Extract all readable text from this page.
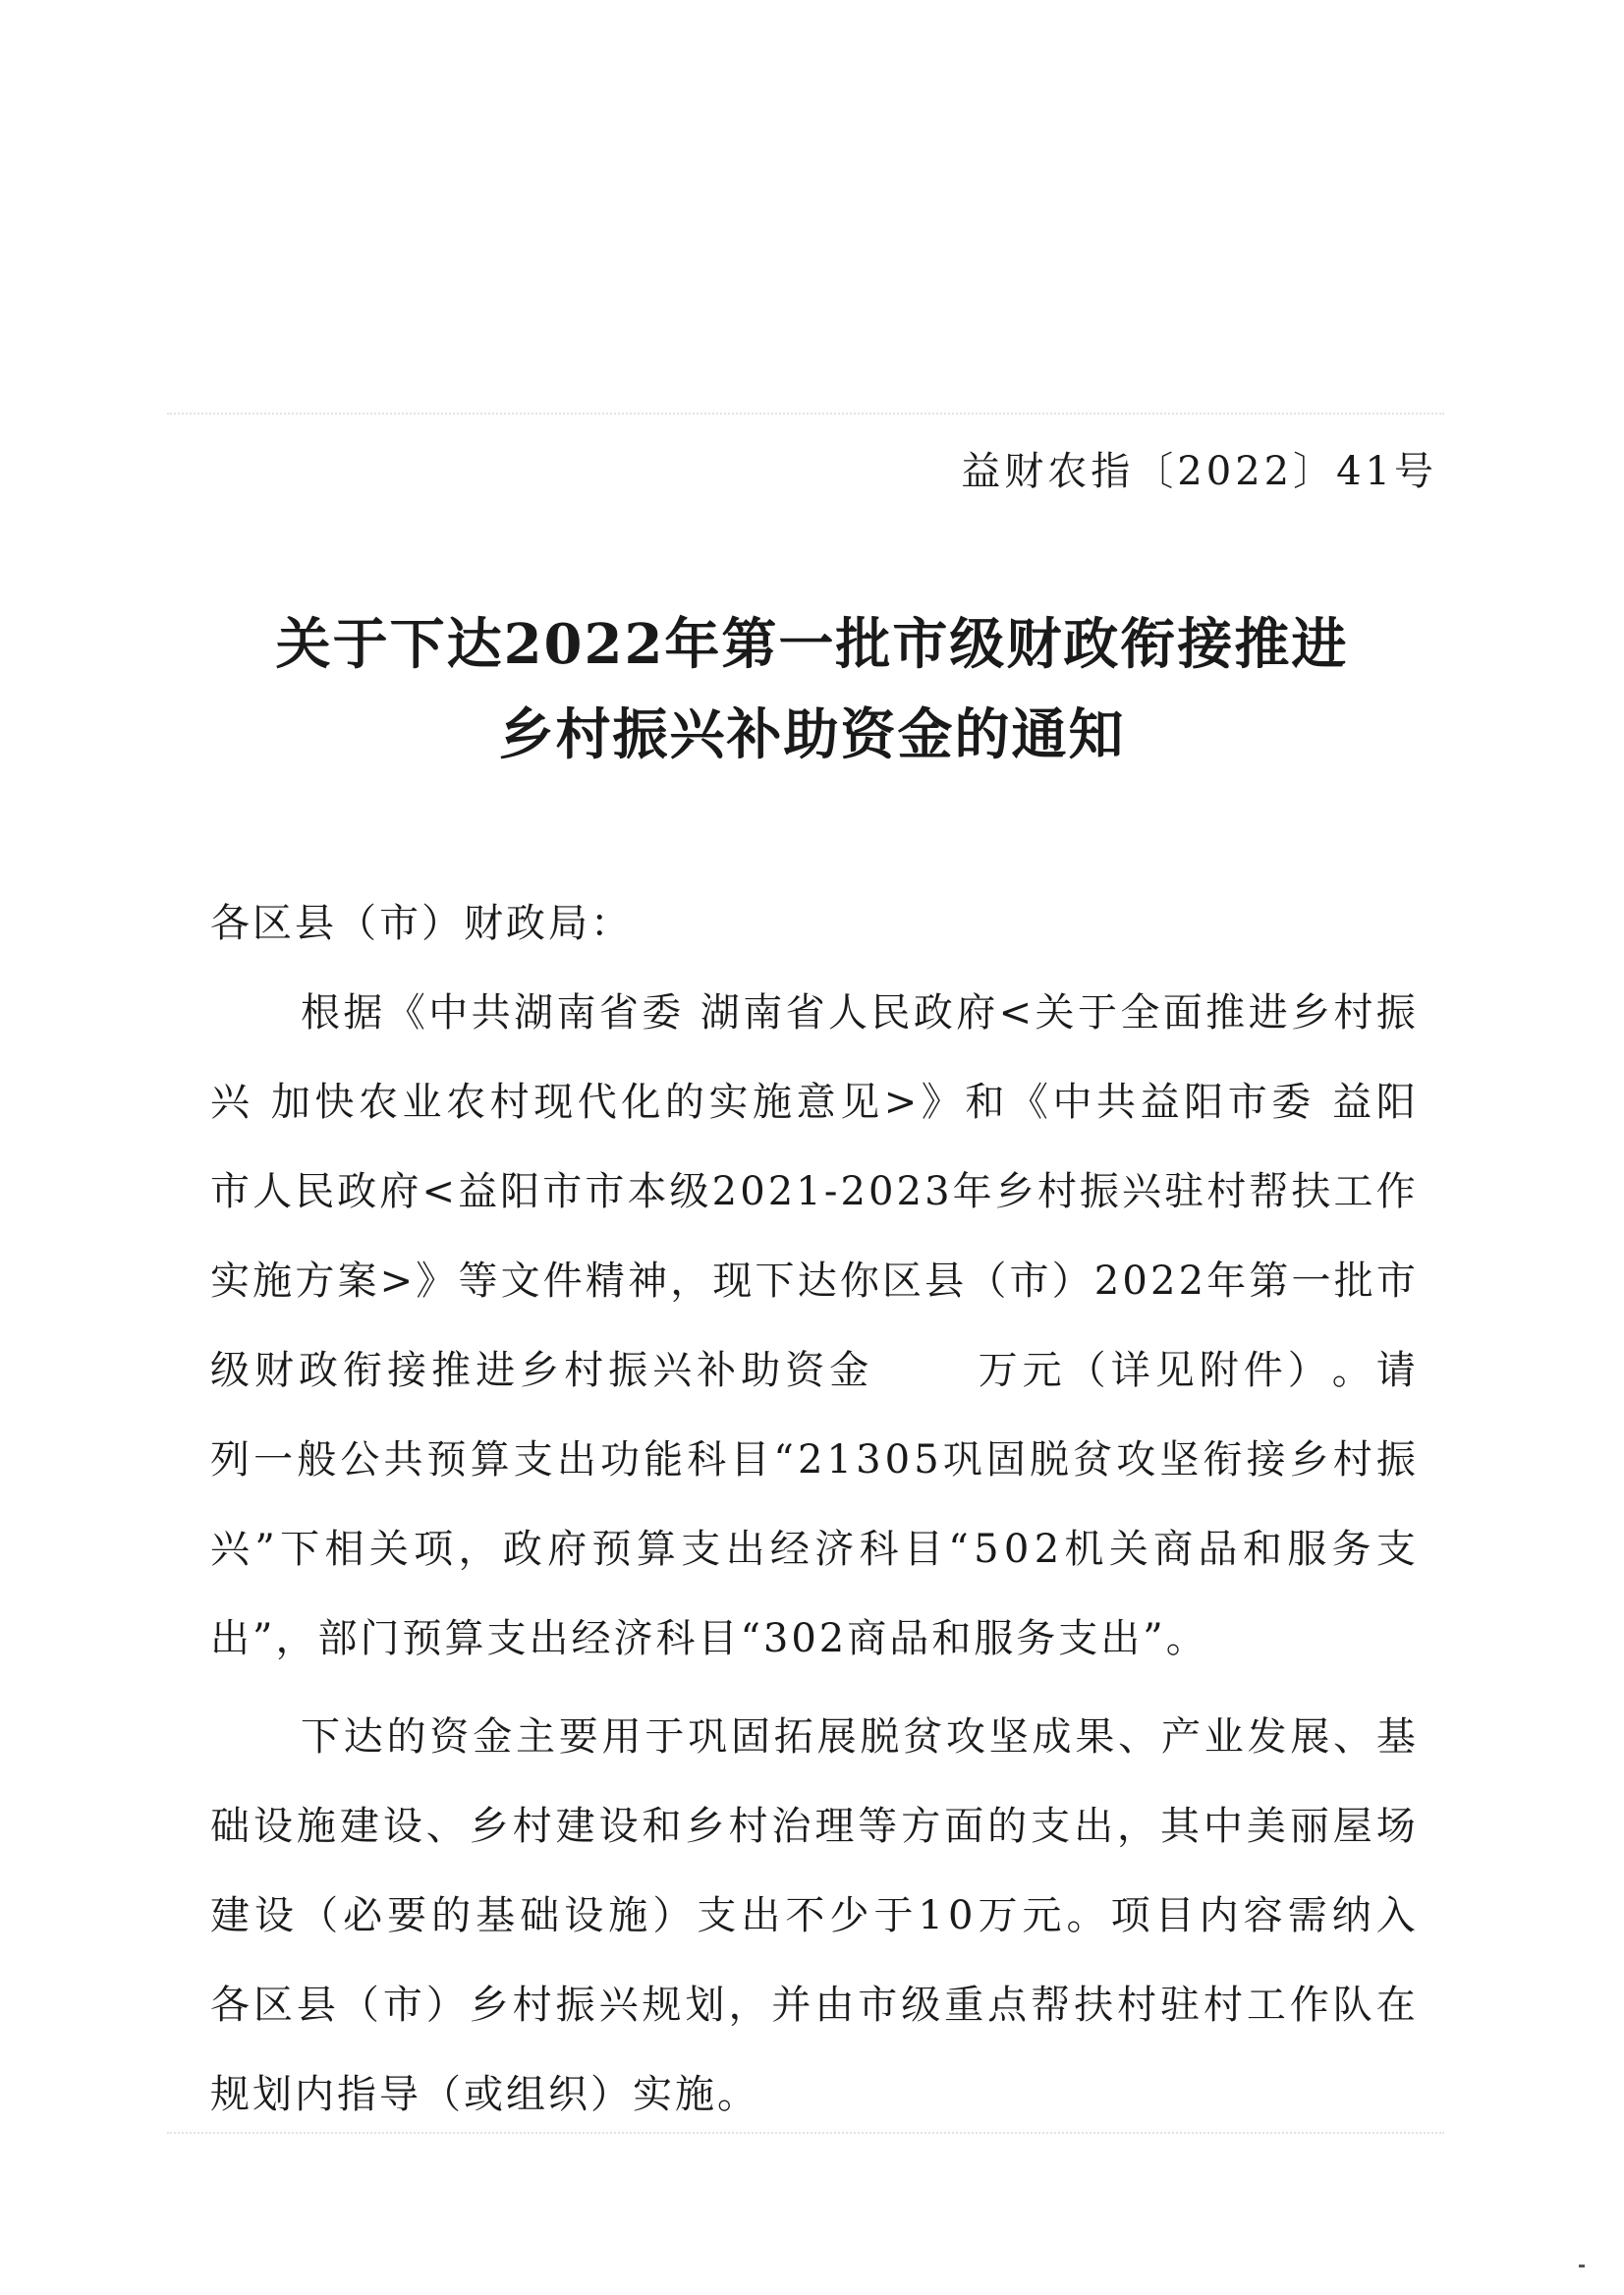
益财农指〔2022〕41号
关于下达2022年第一批市级财政衔接推进
乡村振兴补助资金的通知
各区县（市）财政局：
根 据 《 中 共 湖 南 省 委
湖 南 省 人 民 政 府 < 关 于 全 面 推 进 乡 村 振
兴
加 快 农 业 农 村 现 代 化 的 实 施 意 见 > 》 和 《 中 共 益 阳 市 委
益 阳
市 人 民 政 府 < 益 阳 市 市 本 级 2 0 2 1 - 2 0 2 3 年 乡 村 振 兴 驻 村 帮 扶 工 作
实 施 方 案 > 》 等 文 件 精 神 ， 现 下 达 你 区 县 （ 市 ） 2 0 2 2 年 第 一 批 市
级 财 政 衔 接 推 进 乡 村 振 兴 补 助 资 金

	万 元 （ 详 见 附 件 ） 。 请
列 一 般 公 共 预 算 支 出 功 能 科 目 “ 2 1 3 0 5 巩 固 脱 贫 攻 坚 衔 接 乡 村 振
兴 ” 下 相 关 项 ， 政 府 预 算 支 出 经 济 科 目 “ 5 0 2 机 关 商 品 和 服 务 支
出”，部门预算支出经济科目“302商品和服务支出”。
下 达 的 资 金 主 要 用 于 巩 固 拓 展 脱 贫 攻 坚 成 果 、 产 业 发 展 、 基
础 设 施 建 设 、 乡 村 建 设 和 乡 村 治 理 等 方 面 的 支 出 ， 其 中 美 丽 屋 场
建 设 （ 必 要 的 基 础 设 施 ） 支 出 不 少 于 1 0 万 元 。 项 目 内 容 需 纳 入
各 区 县 （ 市 ） 乡 村 振 兴 规 划 ， 并 由 市 级 重 点 帮 扶 村 驻 村 工 作 队 在
规划内指导（或组织）实施。
